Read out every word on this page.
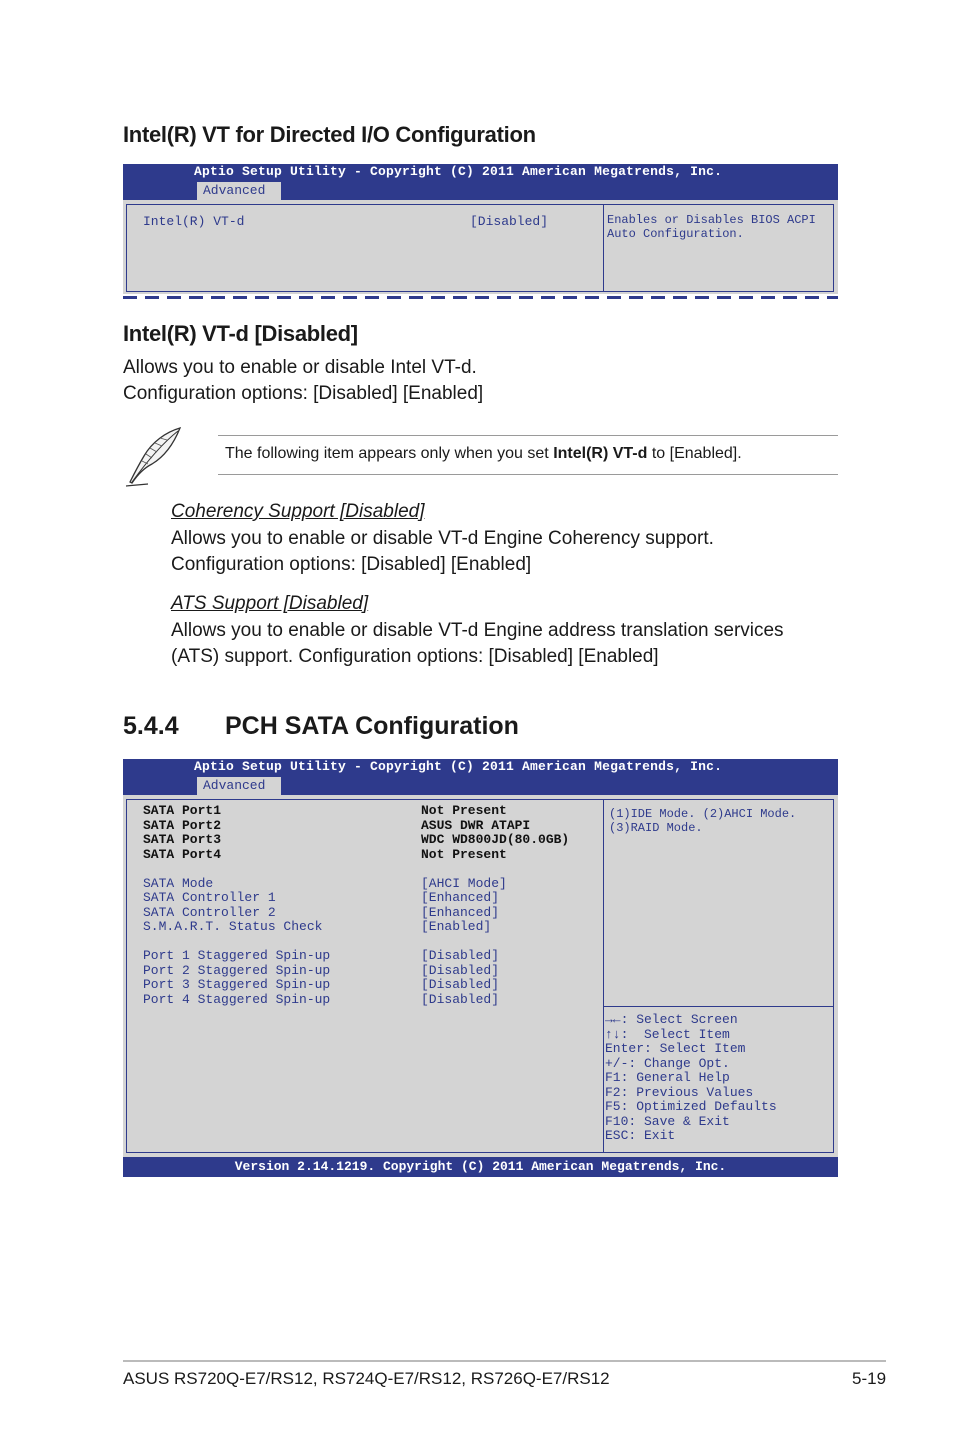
Intel(R) VT for Directed I/O Configuration
Aptio Setup Utility - Copyright (C) 2011 American Megatrends, Inc.
Advanced
Intel(R) VT-d	[Disabled]	Enables or Disables BIOS ACPI
Auto Configuration.
Intel(R) VT-d [Disabled]
Allows you to enable or disable Intel VT-d.
Configuration options: [Disabled] [Enabled]
The following item appears only when you set Intel(R) VT-d to [Enabled].
Coherency Support [Disabled]
Allows you to enable or disable VT-d Engine Coherency support.
Configuration options: [Disabled] [Enabled]
ATS Support [Disabled]
Allows you to enable or disable VT-d Engine address translation services
(ATS) support. Configuration options: [Disabled] [Enabled]
5.4.4 PCH SATA Configuration
Aptio Setup Utility - Copyright (C) 2011 American Megatrends, Inc.
Advanced
SATA Port1	Not Present
SATA Port2	ASUS DWR ATAPI
SATA Port3	WDC WD800JD(80.0GB)
SATA Port4	Not Present
SATA Mode	[AHCI Mode]
SATA Controller 1	[Enhanced]
SATA Controller 2	[Enhanced]
S.M.A.R.T. Status Check	[Enabled]
Port 1 Staggered Spin-up	[Disabled]
Port 2 Staggered Spin-up	[Disabled]
Port 3 Staggered Spin-up	[Disabled]
Port 4 Staggered Spin-up	[Disabled]
(1)IDE Mode. (2)AHCI Mode.
(3)RAID Mode.
→←: Select Screen
↑↓:  Select Item
Enter: Select Item
+/-: Change Opt.
F1: General Help
F2: Previous Values
F5: Optimized Defaults
F10: Save & Exit
ESC: Exit
Version 2.14.1219. Copyright (C) 2011 American Megatrends, Inc.
ASUS RS720Q-E7/RS12, RS724Q-E7/RS12, RS726Q-E7/RS12	5-19
